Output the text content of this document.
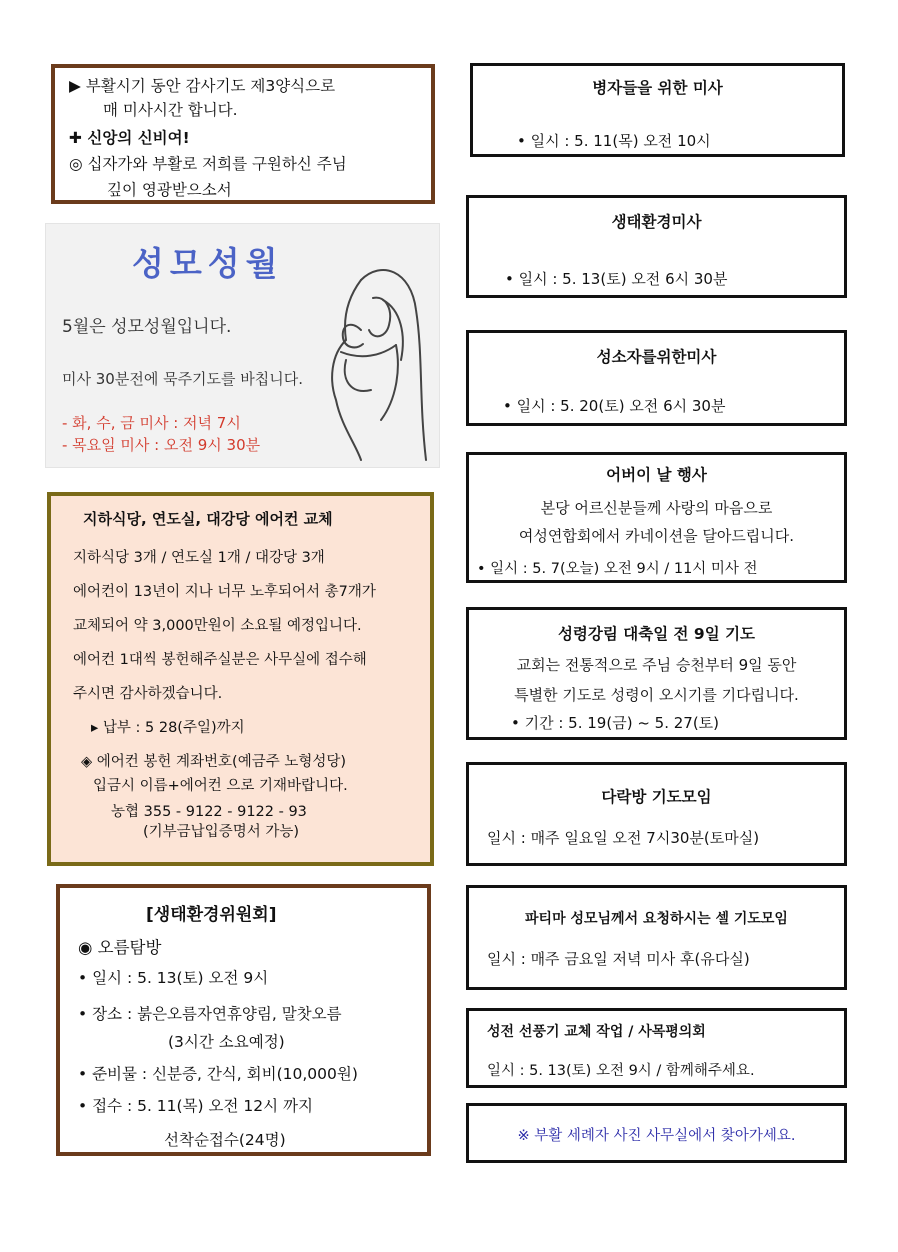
▶ 부활시기 동안 감사기도 제3양식으로
매 미사시간 합니다.
✚ 신앙의 신비여!
◎ 십자가와 부활로 저희를 구원하신 주님
깊이 영광받으소서
성모성월
5월은 성모성월입니다.
미사 30분전에 묵주기도를 바칩니다.
- 화, 수, 금 미사 : 저녁 7시
- 목요일 미사 : 오전 9시 30분
지하식당, 연도실, 대강당 에어컨 교체
지하식당 3개 / 연도실 1개 / 대강당 3개
에어컨이 13년이 지나 너무 노후되어서 총7개가
교체되어 약 3,000만원이 소요될 예정입니다.
에어컨 1대씩 봉헌해주실분은 사무실에 접수해
주시면 감사하겠습니다.
▸ 납부 : 5 28(주일)까지
◈ 에어컨 봉헌 계좌번호(예금주 노형성당)
입금시 이름+에어컨 으로 기재바랍니다.
농협 355 - 9122 - 9122 - 93
(기부금납입증명서 가능)
[생태환경위원회]
◉ 오름탐방
• 일시 : 5. 13(토) 오전 9시
• 장소 : 붉은오름자연휴양림, 말찻오름
(3시간 소요예정)
• 준비물 : 신분증, 간식, 회비(10,000원)
• 접수 : 5. 11(목) 오전 12시 까지
선착순접수(24명)
병자들을 위한 미사
• 일시 : 5. 11(목) 오전 10시
생태환경미사
• 일시 : 5. 13(토) 오전 6시 30분
성소자를위한미사
• 일시 : 5. 20(토) 오전 6시 30분
어버이 날 행사
본당 어르신분들께 사랑의 마음으로
여성연합회에서 카네이션을 달아드립니다.
• 일시 : 5. 7(오늘) 오전 9시 / 11시 미사 전
성령강림 대축일 전 9일 기도
교회는 전통적으로 주님 승천부터 9일 동안
특별한 기도로 성령이 오시기를 기다립니다.
• 기간 : 5. 19(금) ~ 5. 27(토)
다락방 기도모임
일시 : 매주 일요일 오전 7시30분(토마실)
파티마 성모님께서 요청하시는 셀 기도모임
일시 : 매주 금요일 저녁 미사 후(유다실)
성전 선풍기 교체 작업 / 사목평의회
일시 : 5. 13(토) 오전 9시 / 함께해주세요.
※ 부활 세례자 사진 사무실에서 찾아가세요.
